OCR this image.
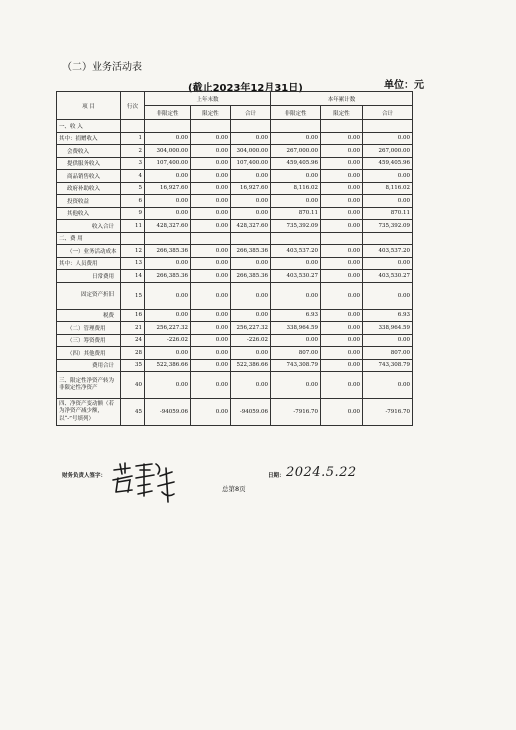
（二）业务活动表
(截止2023年12月31日)	单位：元
项 目	行次	上年末数			本年累计数		
		非限定性	限定性	合计	非限定性	限定性	合计
一、收 入							
其中：捐赠收入	1	0.00	0.00	0.00	0.00	0.00	0.00
会费收入	2	304,000.00	0.00	304,000.00	267,000.00	0.00	267,000.00
提供服务收入	3	107,400.00	0.00	107,400.00	459,405.96	0.00	459,405.96
商品销售收入	4	0.00	0.00	0.00	0.00	0.00	0.00
政府补助收入	5	16,927.60	0.00	16,927.60	8,116.02	0.00	8,116.02
投资收益	6	0.00	0.00	0.00	0.00	0.00	0.00
其他收入	9	0.00	0.00	0.00	870.11	0.00	870.11
收入合计	11	428,327.60	0.00	428,327.60	735,392.09	0.00	735,392.09
二、费 用							
（一）业务活动成本	12	266,385.36	0.00	266,385.36	403,537.20	0.00	403,537.20
其中：人员费用	13	0.00	0.00	0.00	0.00	0.00	0.00
日常费用	14	266,385.36	0.00	266,385.36	403,530.27	0.00	403,530.27
固定资产折旧	15	0.00	0.00	0.00	0.00	0.00	0.00
税费	16	0.00	0.00	0.00	6.93	0.00	6.93
（二）管理费用	21	256,227.32	0.00	256,227.32	338,964.59	0.00	338,964.59
（三）筹资费用	24	-226.02	0.00	-226.02	0.00	0.00	0.00
（四）其他费用	28	0.00	0.00	0.00	807.00	0.00	807.00
费用合计	35	522,386.66	0.00	522,386.66	743,308.79	0.00	743,308.79
三、限定性净资产转为非限定性净资产	40	0.00	0.00	0.00	0.00	0.00	0.00
四、净资产变动额（若为净资产减少额，以“-”号填列）	45	-94059.06	0.00	-94059.06	-7916.70	0.00	-7916.70
财务负责人签字：
总第8页
日期： 2024.5.22
